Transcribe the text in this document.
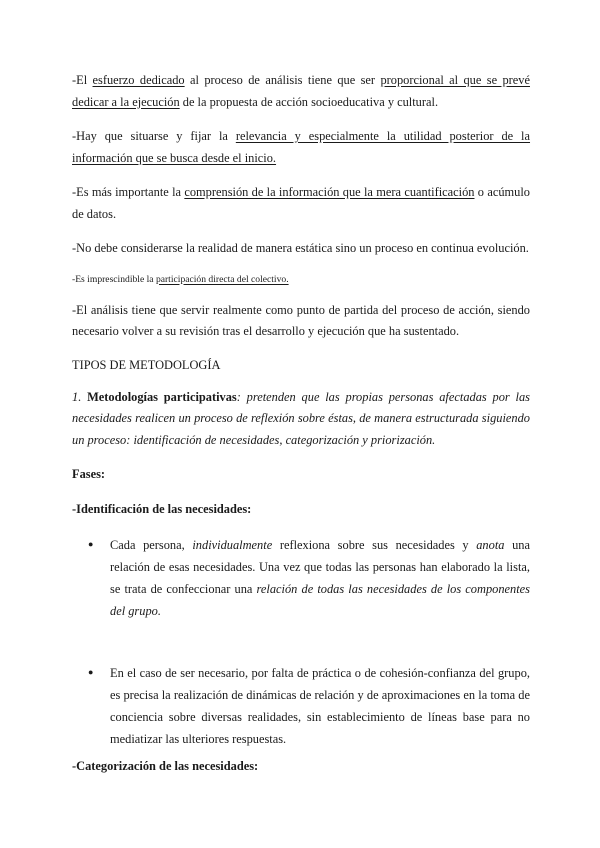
-El esfuerzo dedicado al proceso de análisis tiene que ser proporcional al que se prevé dedicar a la ejecución de la propuesta de acción socioeducativa y cultural.

-Hay que situarse y fijar la relevancia y especialmente la utilidad posterior de la información que se busca desde el inicio.

-Es más importante la comprensión de la información que la mera cuantificación o acúmulo de datos.

-No debe considerarse la realidad de manera estática sino un proceso en continua evolución.

-Es imprescindible la participación directa del colectivo.

-El análisis tiene que servir realmente como punto de partida del proceso de acción, siendo necesario volver a su revisión tras el desarrollo y ejecución que ha sustentado.

TIPOS DE METODOLOGÍA

1. Metodologías participativas: pretenden que las propias personas afectadas por las necesidades realicen un proceso de reflexión sobre éstas, de manera estructurada siguiendo un proceso: identificación de necesidades, categorización y priorización.

Fases:

-Identificación de las necesidades:

● Cada persona, individualmente reflexiona sobre sus necesidades y anota una relación de esas necesidades. Una vez que todas las personas han elaborado la lista, se trata de confeccionar una relación de todas las necesidades de los componentes del grupo.

● En el caso de ser necesario, por falta de práctica o de cohesión-confianza del grupo, es precisa la realización de dinámicas de relación y de aproximaciones en la toma de conciencia sobre diversas realidades, sin establecimiento de líneas base para no mediatizar las ulteriores respuestas.

-Categorización de las necesidades:
